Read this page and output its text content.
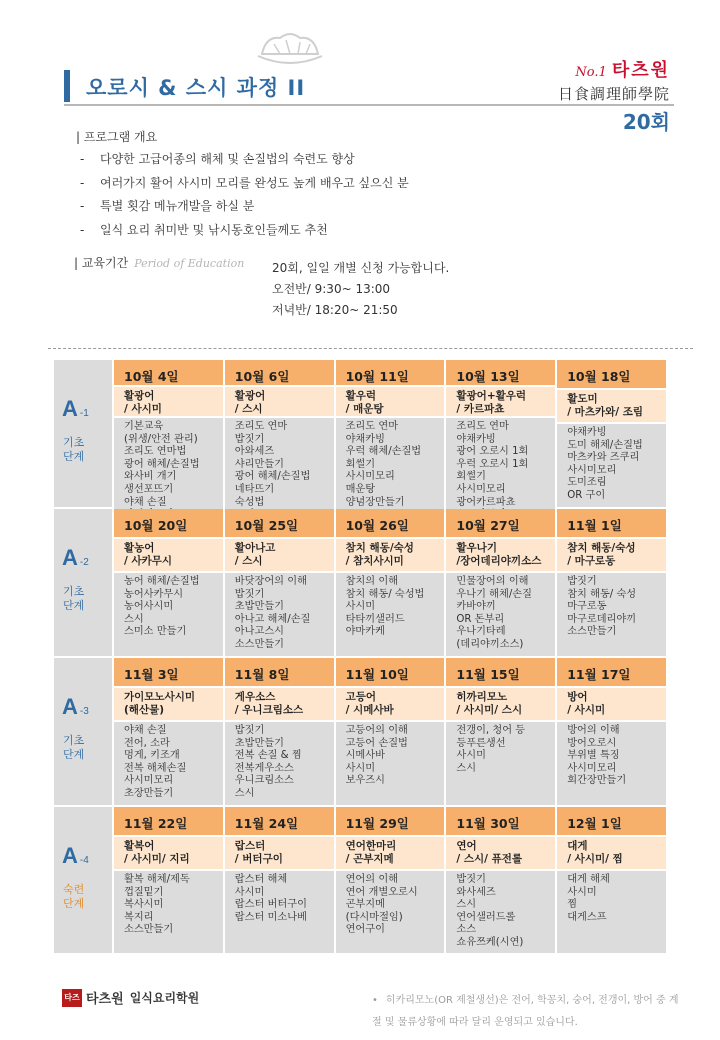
오로시 & 스시 과정 II
No.1 타츠원
日食調理師學院
20회
| 프로그램 개요
- 다양한 고급어종의 해체 및 손질법의 숙련도 향상
- 여러가지 활어 사시미 모리를 완성도 높게 배우고 싶으신 분
- 특별 횟감 메뉴개발을 하실 분
- 일식 요리 취미반 및 낚시동호인들께도 추천
| 교육기간 Period of Education 20회, 일일 개별 신청 가능합니다.
오전반/ 9:30~ 13:00
저녁반/ 18:20~ 21:50
A -1
기초
단계
10월 4일
활광어
/ 사시미
기본교육
(위생/안전 관리)
조리도 연마법
광어 해체/손질법
와사비 개기
생선포뜨기
야채 손질
10월 6일
활광어
/ 스시
조리도 연마
밥짓기
아와세즈
샤리만들기
광어 해체/손질법
네타뜨기
숙성법
10월 11일
활우럭
/ 매운탕
조리도 연마
야채카빙
우럭 해체/손질법
회썰기
사시미모리
매운탕
양념장만들기
10월 13일
활광어+활우럭
/ 카르파쵸
조리도 연마
야채카빙
광어 오로시 1회
우럭 오로시 1회
회썰기
사시미모리
광어카르파쵸
10월 18일
활도미
/ 마츠카와/ 조림
야채카빙
도미 해체/손질법
마츠카와 즈쿠리
사시미모리
도미조림
OR 구이
A -2
기초
단계
10월 20일
활농어
/ 사카무시
농어 해체/손질법
농어사카무시
농어사시미
스시
스미소 만들기
10월 25일
활아나고
/ 스시
바닷장어의 이해
밥짓기
초밥만들기
아나고 해체/손질
아나고스시
소스만들기
10월 26일
참치 해동/숙성
/ 참치사시미
참치의 이해
참치 해동/ 숙성법
사시미
타타끼샐러드
야마카케
10월 27일
활우나기
/장어데리야끼소스
민물장어의 이해
우나기 해체/손질
카바야끼
OR 돈부리
우나기타레
(데리야끼소스)
11월 1일
참치 해동/숙성
/ 마구로동
밥짓기
참치 해동/ 숙성
마구로동
마구로데리야끼
소스만들기
A -3
기초
단계
11월 3일
가이모노사시미
(해산물)
야채 손질
전어, 소라
멍게, 키조개
전복 해체손질
사시미모리
초장만들기
11월 8일
게우소스
/ 우니크림소스
밥짓기
초밥만들기
전복 손질 & 찜
전복게우소스
우니크림소스
스시
11월 10일
고등어
/ 시메사바
고등어의 이해
고등어 손질법
시메사바
사시미
보우즈시
11월 15일
히까리모노
/ 사시미/ 스시
전갱이, 청어 등
등푸른생선
사시미
스시
11월 17일
방어
/ 사시미
방어의 이해
방어오로시
부위별 특징
사시미모리
회간장만들기
A -4
숙련
단계
11월 22일
활복어
/ 사시미/ 지리
활복 해체/제독
껍질밑기
복사시미
복지리
소스만들기
11월 24일
랍스터
/ 버터구이
랍스터 해체
사시미
랍스터 버터구이
랍스터 미소나베
11월 29일
연어한마리
/ 곤부지메
연어의 이해
연어 개별오로시
곤부지메
(다시마절임)
연어구이
11월 30일
연어
/ 스시/ 퓨전롤
밥짓기
와사세즈
스시
연어샐러드롤
소스
쇼유쯔케(시연)
12월 1일
대게
/ 사시미/ 찜
대게 해체
사시미
찜
대게스프
타즈 타츠원 일식요리학원	• 히카리모노(OR 제철생선)은 전어, 학꽁치, 숭어, 전갱이, 방어 중 계절 및 물류상황에 따라 달리 운영되고 있습니다.
